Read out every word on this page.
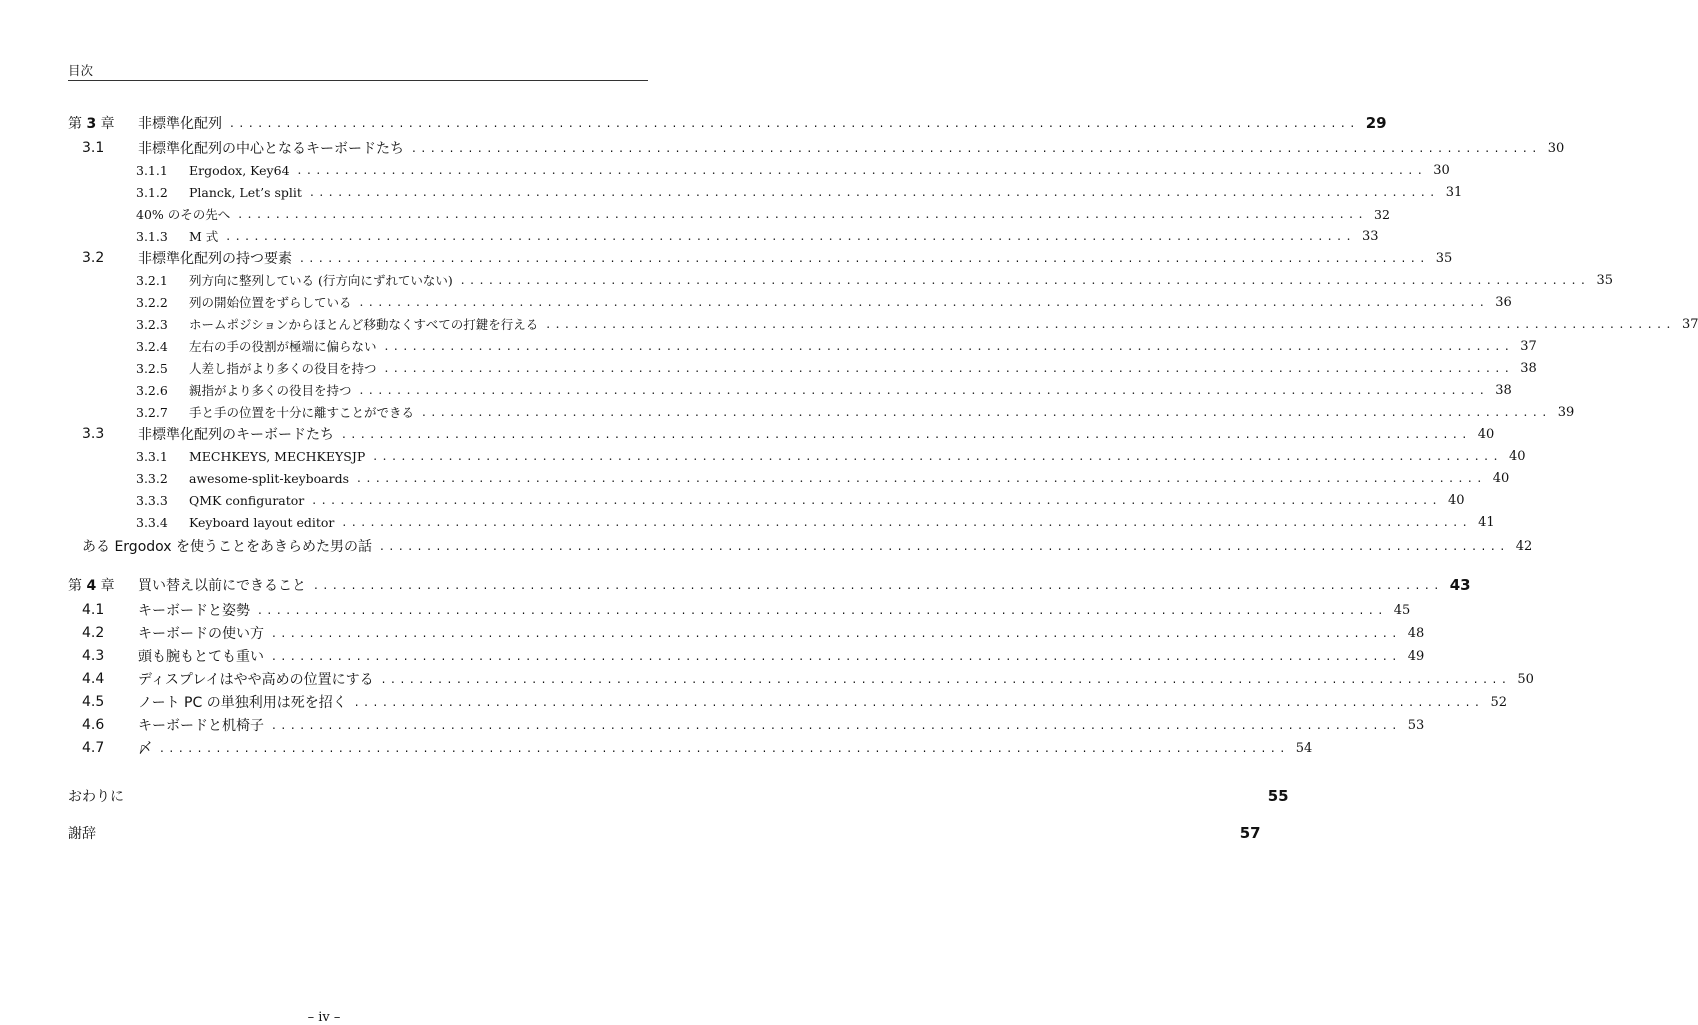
目次
第 3 章	非標準化配列 ........................................................................................................................ 29
3.1	非標準化配列の中心となるキーボードたち ........................................................................................................................ 30
3.1.1	Ergodox, Key64 ........................................................................................................................ 30
3.1.2	Planck, Let’s split ........................................................................................................................ 31
40% のその先へ ........................................................................................................................ 32
3.1.3	M 式 ........................................................................................................................ 33
3.2	非標準化配列の持つ要素 ........................................................................................................................ 35
3.2.1	列方向に整列している (行方向にずれていない) ........................................................................................................................ 35
3.2.2	列の開始位置をずらしている ........................................................................................................................ 36
3.2.3	ホームポジションからほとんど移動なくすべての打鍵を行える ........................................................................................................................ 37
3.2.4	左右の手の役割が極端に偏らない ........................................................................................................................ 37
3.2.5	人差し指がより多くの役目を持つ ........................................................................................................................ 38
3.2.6	親指がより多くの役目を持つ ........................................................................................................................ 38
3.2.7	手と手の位置を十分に離すことができる ........................................................................................................................ 39
3.3	非標準化配列のキーボードたち ........................................................................................................................ 40
3.3.1	MECHKEYS, MECHKEYSJP ........................................................................................................................ 40
3.3.2	awesome-split-keyboards ........................................................................................................................ 40
3.3.3	QMK configurator ........................................................................................................................ 40
3.3.4	Keyboard layout editor ........................................................................................................................ 41
ある Ergodox を使うことをあきらめた男の話 ........................................................................................................................ 42
第 4 章	買い替え以前にできること ........................................................................................................................ 43
4.1	キーボードと姿勢 ........................................................................................................................ 45
4.2	キーボードの使い方 ........................................................................................................................ 48
4.3	頭も腕もとても重い ........................................................................................................................ 49
4.4	ディスプレイはやや高めの位置にする ........................................................................................................................ 50
4.5	ノート PC の単独利用は死を招く ........................................................................................................................ 52
4.6	キーボードと机椅子 ........................................................................................................................ 53
4.7	〆 ........................................................................................................................ 54
おわりに	55
謝辞	57
– iv –
